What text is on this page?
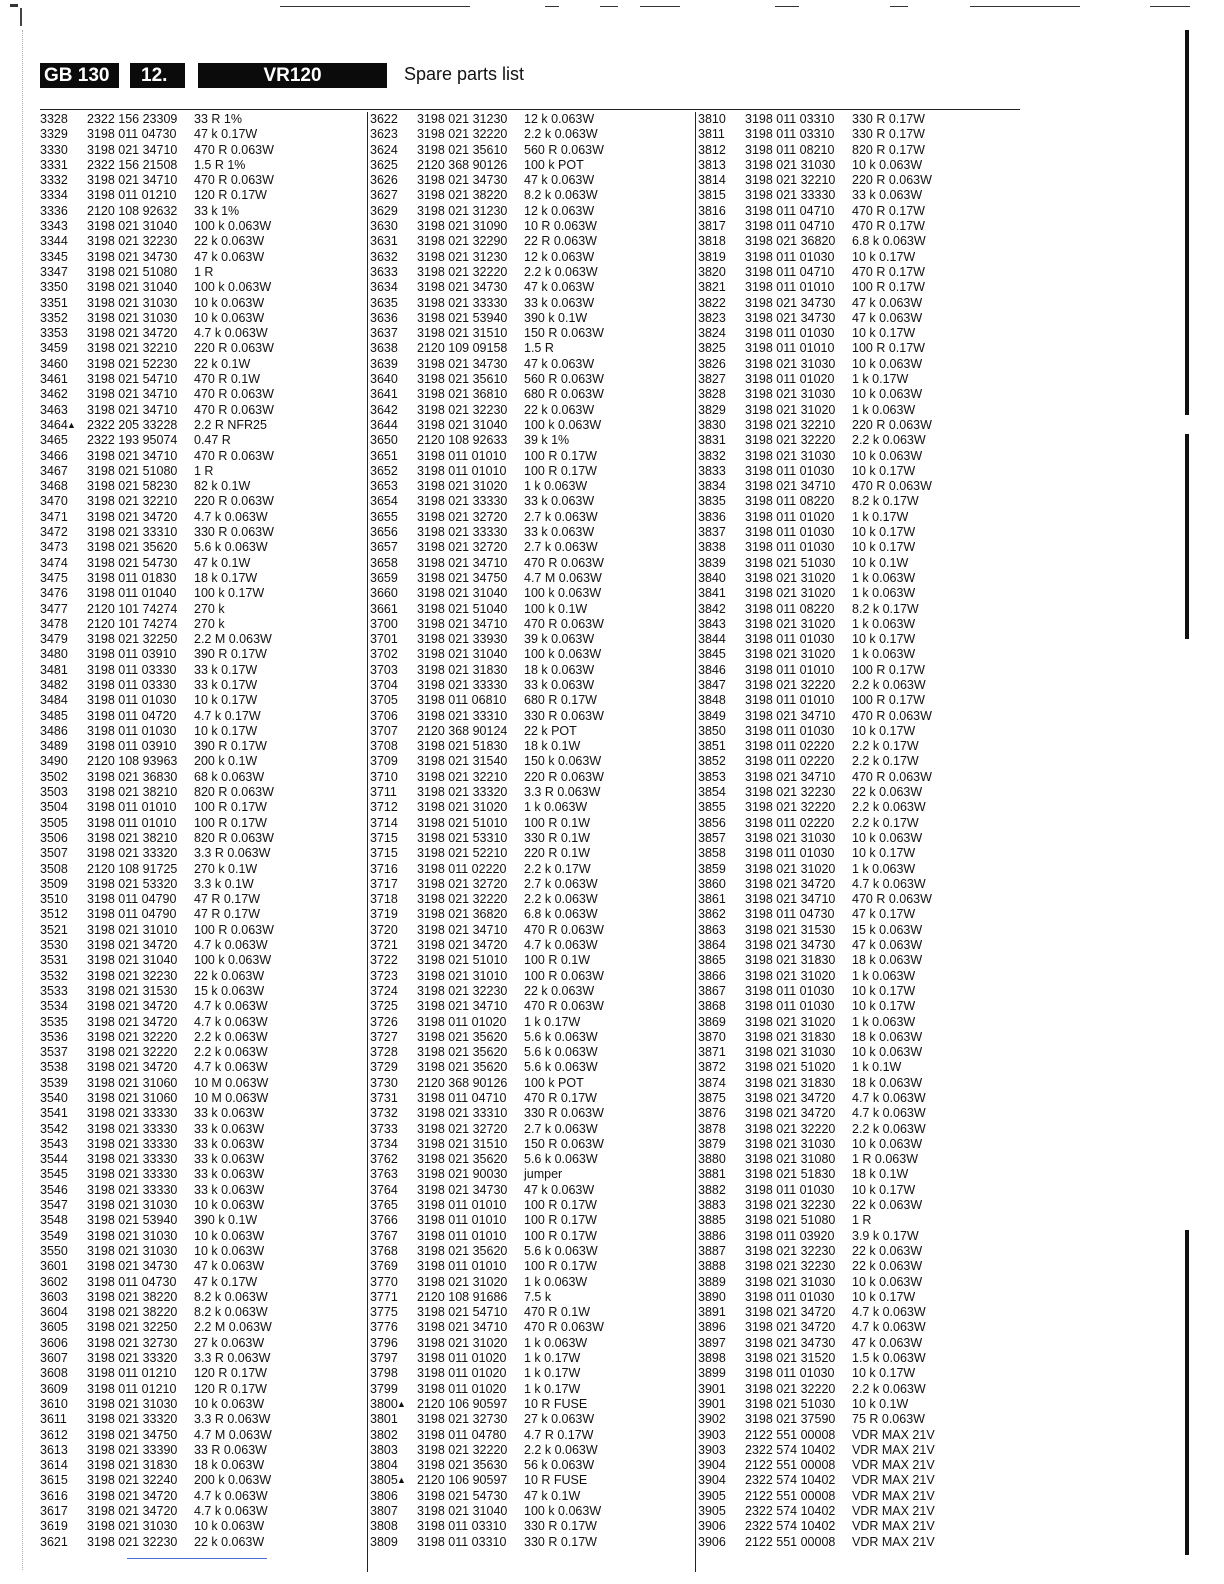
GB 130	12.	VR120	Spare parts list
3328 2322 156 23309 33 R 1%
3329 3198 011 04730 47 k 0.17W
3330 3198 021 34710 470 R 0.063W
3331 2322 156 21508 1.5 R 1%
3332 3198 021 34710 470 R 0.063W
3334 3198 011 01210 120 R 0.17W
3336 2120 108 92632 33 k 1%
3343 3198 021 31040 100 k 0.063W
3344 3198 021 32230 22 k 0.063W
3345 3198 021 34730 47 k 0.063W
3347 3198 021 51080 1 R
3350 3198 021 31040 100 k 0.063W
3351 3198 021 31030 10 k 0.063W
3352 3198 021 31030 10 k 0.063W
3353 3198 021 34720 4.7 k 0.063W
3459 3198 021 32210 220 R 0.063W
3460 3198 021 52230 22 k 0.1W
3461 3198 021 54710 470 R 0.1W
3462 3198 021 34710 470 R 0.063W
3463 3198 021 34710 470 R 0.063W
3464 ▲ 2322 205 33228 2.2 R NFR25
3465 2322 193 95074 0.47 R
3466 3198 021 34710 470 R 0.063W
3467 3198 021 51080 1 R
3468 3198 021 58230 82 k 0.1W
3470 3198 021 32210 220 R 0.063W
3471 3198 021 34720 4.7 k 0.063W
3472 3198 021 33310 330 R 0.063W
3473 3198 021 35620 5.6 k 0.063W
3474 3198 021 54730 47 k 0.1W
3475 3198 011 01830 18 k 0.17W
3476 3198 011 01040 100 k 0.17W
3477 2120 101 74274 270 k
3478 2120 101 74274 270 k
3479 3198 021 32250 2.2 M 0.063W
3480 3198 011 03910 390 R 0.17W
3481 3198 011 03330 33 k 0.17W
3482 3198 011 03330 33 k 0.17W
3484 3198 011 01030 10 k 0.17W
3485 3198 011 04720 4.7 k 0.17W
3486 3198 011 01030 10 k 0.17W
3489 3198 011 03910 390 R 0.17W
3490 2120 108 93963 200 k 0.1W
3502 3198 021 36830 68 k 0.063W
3503 3198 021 38210 820 R 0.063W
3504 3198 011 01010 100 R 0.17W
3505 3198 011 01010 100 R 0.17W
3506 3198 021 38210 820 R 0.063W
3507 3198 021 33320 3.3 R 0.063W
3508 2120 108 91725 270 k 0.1W
3509 3198 021 53320 3.3 k 0.1W
3510 3198 011 04790 47 R 0.17W
3512 3198 011 04790 47 R 0.17W
3521 3198 021 31010 100 R 0.063W
3530 3198 021 34720 4.7 k 0.063W
3531 3198 021 31040 100 k 0.063W
3532 3198 021 32230 22 k 0.063W
3533 3198 021 31530 15 k 0.063W
3534 3198 021 34720 4.7 k 0.063W
3535 3198 021 34720 4.7 k 0.063W
3536 3198 021 32220 2.2 k 0.063W
3537 3198 021 32220 2.2 k 0.063W
3538 3198 021 34720 4.7 k 0.063W
3539 3198 021 31060 10 M 0.063W
3540 3198 021 31060 10 M 0.063W
3541 3198 021 33330 33 k 0.063W
3542 3198 021 33330 33 k 0.063W
3543 3198 021 33330 33 k 0.063W
3544 3198 021 33330 33 k 0.063W
3545 3198 021 33330 33 k 0.063W
3546 3198 021 33330 33 k 0.063W
3547 3198 021 31030 10 k 0.063W
3548 3198 021 53940 390 k 0.1W
3549 3198 021 31030 10 k 0.063W
3550 3198 021 31030 10 k 0.063W
3601 3198 021 34730 47 k 0.063W
3602 3198 011 04730 47 k 0.17W
3603 3198 021 38220 8.2 k 0.063W
3604 3198 021 38220 8.2 k 0.063W
3605 3198 021 32250 2.2 M 0.063W
3606 3198 021 32730 27 k 0.063W
3607 3198 021 33320 3.3 R 0.063W
3608 3198 011 01210 120 R 0.17W
3609 3198 011 01210 120 R 0.17W
3610 3198 021 31030 10 k 0.063W
3611 3198 021 33320 3.3 R 0.063W
3612 3198 021 34750 4.7 M 0.063W
3613 3198 021 33390 33 R 0.063W
3614 3198 021 31830 18 k 0.063W
3615 3198 021 32240 200 k 0.063W
3616 3198 021 34720 4.7 k 0.063W
3617 3198 021 34720 4.7 k 0.063W
3619 3198 021 31030 10 k 0.063W
3621 3198 021 32230 22 k 0.063W
3622 3198 021 31230 12 k 0.063W
3623 3198 021 32220 2.2 k 0.063W
3624 3198 021 35610 560 R 0.063W
3625 2120 368 90126 100 k POT
3626 3198 021 34730 47 k 0.063W
3627 3198 021 38220 8.2 k 0.063W
3629 3198 021 31230 12 k 0.063W
3630 3198 021 31090 10 R 0.063W
3631 3198 021 32290 22 R 0.063W
3632 3198 021 31230 12 k 0.063W
3633 3198 021 32220 2.2 k 0.063W
3634 3198 021 34730 47 k 0.063W
3635 3198 021 33330 33 k 0.063W
3636 3198 021 53940 390 k 0.1W
3637 3198 021 31510 150 R 0.063W
3638 2120 109 09158 1.5 R
3639 3198 021 34730 47 k 0.063W
3640 3198 021 35610 560 R 0.063W
3641 3198 021 36810 680 R 0.063W
3642 3198 021 32230 22 k 0.063W
3644 3198 021 31040 100 k 0.063W
3650 2120 108 92633 39 k 1%
3651 3198 011 01010 100 R 0.17W
3652 3198 011 01010 100 R 0.17W
3653 3198 021 31020 1 k 0.063W
3654 3198 021 33330 33 k 0.063W
3655 3198 021 32720 2.7 k 0.063W
3656 3198 021 33330 33 k 0.063W
3657 3198 021 32720 2.7 k 0.063W
3658 3198 021 34710 470 R 0.063W
3659 3198 021 34750 4.7 M 0.063W
3660 3198 021 31040 100 k 0.063W
3661 3198 021 51040 100 k 0.1W
3700 3198 021 34710 470 R 0.063W
3701 3198 021 33930 39 k 0.063W
3702 3198 021 31040 100 k 0.063W
3703 3198 021 31830 18 k 0.063W
3704 3198 021 33330 33 k 0.063W
3705 3198 011 06810 680 R 0.17W
3706 3198 021 33310 330 R 0.063W
3707 2120 368 90124 22 k POT
3708 3198 021 51830 18 k 0.1W
3709 3198 021 31540 150 k 0.063W
3710 3198 021 32210 220 R 0.063W
3711 3198 021 33320 3.3 R 0.063W
3712 3198 021 31020 1 k 0.063W
3714 3198 021 51010 100 R 0.1W
3715 3198 021 53310 330 R 0.1W
3715 3198 021 52210 220 R 0.1W
3716 3198 011 02220 2.2 k 0.17W
3717 3198 021 32720 2.7 k 0.063W
3718 3198 021 32220 2.2 k 0.063W
3719 3198 021 36820 6.8 k 0.063W
3720 3198 021 34710 470 R 0.063W
3721 3198 021 34720 4.7 k 0.063W
3722 3198 021 51010 100 R 0.1W
3723 3198 021 31010 100 R 0.063W
3724 3198 021 32230 22 k 0.063W
3725 3198 021 34710 470 R 0.063W
3726 3198 011 01020 1 k 0.17W
3727 3198 021 35620 5.6 k 0.063W
3728 3198 021 35620 5.6 k 0.063W
3729 3198 021 35620 5.6 k 0.063W
3730 2120 368 90126 100 k POT
3731 3198 011 04710 470 R 0.17W
3732 3198 021 33310 330 R 0.063W
3733 3198 021 32720 2.7 k 0.063W
3734 3198 021 31510 150 R 0.063W
3762 3198 021 35620 5.6 k 0.063W
3763 3198 021 90030 jumper
3764 3198 021 34730 47 k 0.063W
3765 3198 011 01010 100 R 0.17W
3766 3198 011 01010 100 R 0.17W
3767 3198 011 01010 100 R 0.17W
3768 3198 021 35620 5.6 k 0.063W
3769 3198 011 01010 100 R 0.17W
3770 3198 021 31020 1 k 0.063W
3771 2120 108 91686 7.5 k
3775 3198 021 54710 470 R 0.1W
3776 3198 021 34710 470 R 0.063W
3796 3198 021 31020 1 k 0.063W
3797 3198 011 01020 1 k 0.17W
3798 3198 011 01020 1 k 0.17W
3799 3198 011 01020 1 k 0.17W
3800 ▲ 2120 106 90597 10 R FUSE
3801 3198 021 32730 27 k 0.063W
3802 3198 011 04780 4.7 R 0.17W
3803 3198 021 32220 2.2 k 0.063W
3804 3198 021 35630 56 k 0.063W
3805 ▲ 2120 106 90597 10 R FUSE
3806 3198 021 54730 47 k 0.1W
3807 3198 021 31040 100 k 0.063W
3808 3198 011 03310 330 R 0.17W
3809 3198 011 03310 330 R 0.17W
3810 3198 011 03310 330 R 0.17W
3811 3198 011 03310 330 R 0.17W
3812 3198 011 08210 820 R 0.17W
3813 3198 021 31030 10 k 0.063W
3814 3198 021 32210 220 R 0.063W
3815 3198 021 33330 33 k 0.063W
3816 3198 011 04710 470 R 0.17W
3817 3198 011 04710 470 R 0.17W
3818 3198 021 36820 6.8 k 0.063W
3819 3198 011 01030 10 k 0.17W
3820 3198 011 04710 470 R 0.17W
3821 3198 011 01010 100 R 0.17W
3822 3198 021 34730 47 k 0.063W
3823 3198 021 34730 47 k 0.063W
3824 3198 011 01030 10 k 0.17W
3825 3198 011 01010 100 R 0.17W
3826 3198 021 31030 10 k 0.063W
3827 3198 011 01020 1 k 0.17W
3828 3198 021 31030 10 k 0.063W
3829 3198 021 31020 1 k 0.063W
3830 3198 021 32210 220 R 0.063W
3831 3198 021 32220 2.2 k 0.063W
3832 3198 021 31030 10 k 0.063W
3833 3198 011 01030 10 k 0.17W
3834 3198 021 34710 470 R 0.063W
3835 3198 011 08220 8.2 k 0.17W
3836 3198 011 01020 1 k 0.17W
3837 3198 011 01030 10 k 0.17W
3838 3198 011 01030 10 k 0.17W
3839 3198 021 51030 10 k 0.1W
3840 3198 021 31020 1 k 0.063W
3841 3198 021 31020 1 k 0.063W
3842 3198 011 08220 8.2 k 0.17W
3843 3198 021 31020 1 k 0.063W
3844 3198 011 01030 10 k 0.17W
3845 3198 021 31020 1 k 0.063W
3846 3198 011 01010 100 R 0.17W
3847 3198 021 32220 2.2 k 0.063W
3848 3198 011 01010 100 R 0.17W
3849 3198 021 34710 470 R 0.063W
3850 3198 011 01030 10 k 0.17W
3851 3198 011 02220 2.2 k 0.17W
3852 3198 011 02220 2.2 k 0.17W
3853 3198 021 34710 470 R 0.063W
3854 3198 021 32230 22 k 0.063W
3855 3198 021 32220 2.2 k 0.063W
3856 3198 011 02220 2.2 k 0.17W
3857 3198 021 31030 10 k 0.063W
3858 3198 011 01030 10 k 0.17W
3859 3198 021 31020 1 k 0.063W
3860 3198 021 34720 4.7 k 0.063W
3861 3198 021 34710 470 R 0.063W
3862 3198 011 04730 47 k 0.17W
3863 3198 021 31530 15 k 0.063W
3864 3198 021 34730 47 k 0.063W
3865 3198 021 31830 18 k 0.063W
3866 3198 021 31020 1 k 0.063W
3867 3198 011 01030 10 k 0.17W
3868 3198 011 01030 10 k 0.17W
3869 3198 021 31020 1 k 0.063W
3870 3198 021 31830 18 k 0.063W
3871 3198 021 31030 10 k 0.063W
3872 3198 021 51020 1 k 0.1W
3874 3198 021 31830 18 k 0.063W
3875 3198 021 34720 4.7 k 0.063W
3876 3198 021 34720 4.7 k 0.063W
3878 3198 021 32220 2.2 k 0.063W
3879 3198 021 31030 10 k 0.063W
3880 3198 021 31080 1 R 0.063W
3881 3198 021 51830 18 k 0.1W
3882 3198 011 01030 10 k 0.17W
3883 3198 021 32230 22 k 0.063W
3885 3198 021 51080 1 R
3886 3198 011 03920 3.9 k 0.17W
3887 3198 021 32230 22 k 0.063W
3888 3198 021 32230 22 k 0.063W
3889 3198 021 31030 10 k 0.063W
3890 3198 011 01030 10 k 0.17W
3891 3198 021 34720 4.7 k 0.063W
3896 3198 021 34720 4.7 k 0.063W
3897 3198 021 34730 47 k 0.063W
3898 3198 021 31520 1.5 k 0.063W
3899 3198 011 01030 10 k 0.17W
3901 3198 021 32220 2.2 k 0.063W
3901 3198 021 51030 10 k 0.1W
3902 3198 021 37590 75 R 0.063W
3903 2122 551 00008 VDR MAX 21V
3903 2322 574 10402 VDR MAX 21V
3904 2122 551 00008 VDR MAX 21V
3904 2322 574 10402 VDR MAX 21V
3905 2122 551 00008 VDR MAX 21V
3905 2322 574 10402 VDR MAX 21V
3906 2322 574 10402 VDR MAX 21V
3906 2122 551 00008 VDR MAX 21V
